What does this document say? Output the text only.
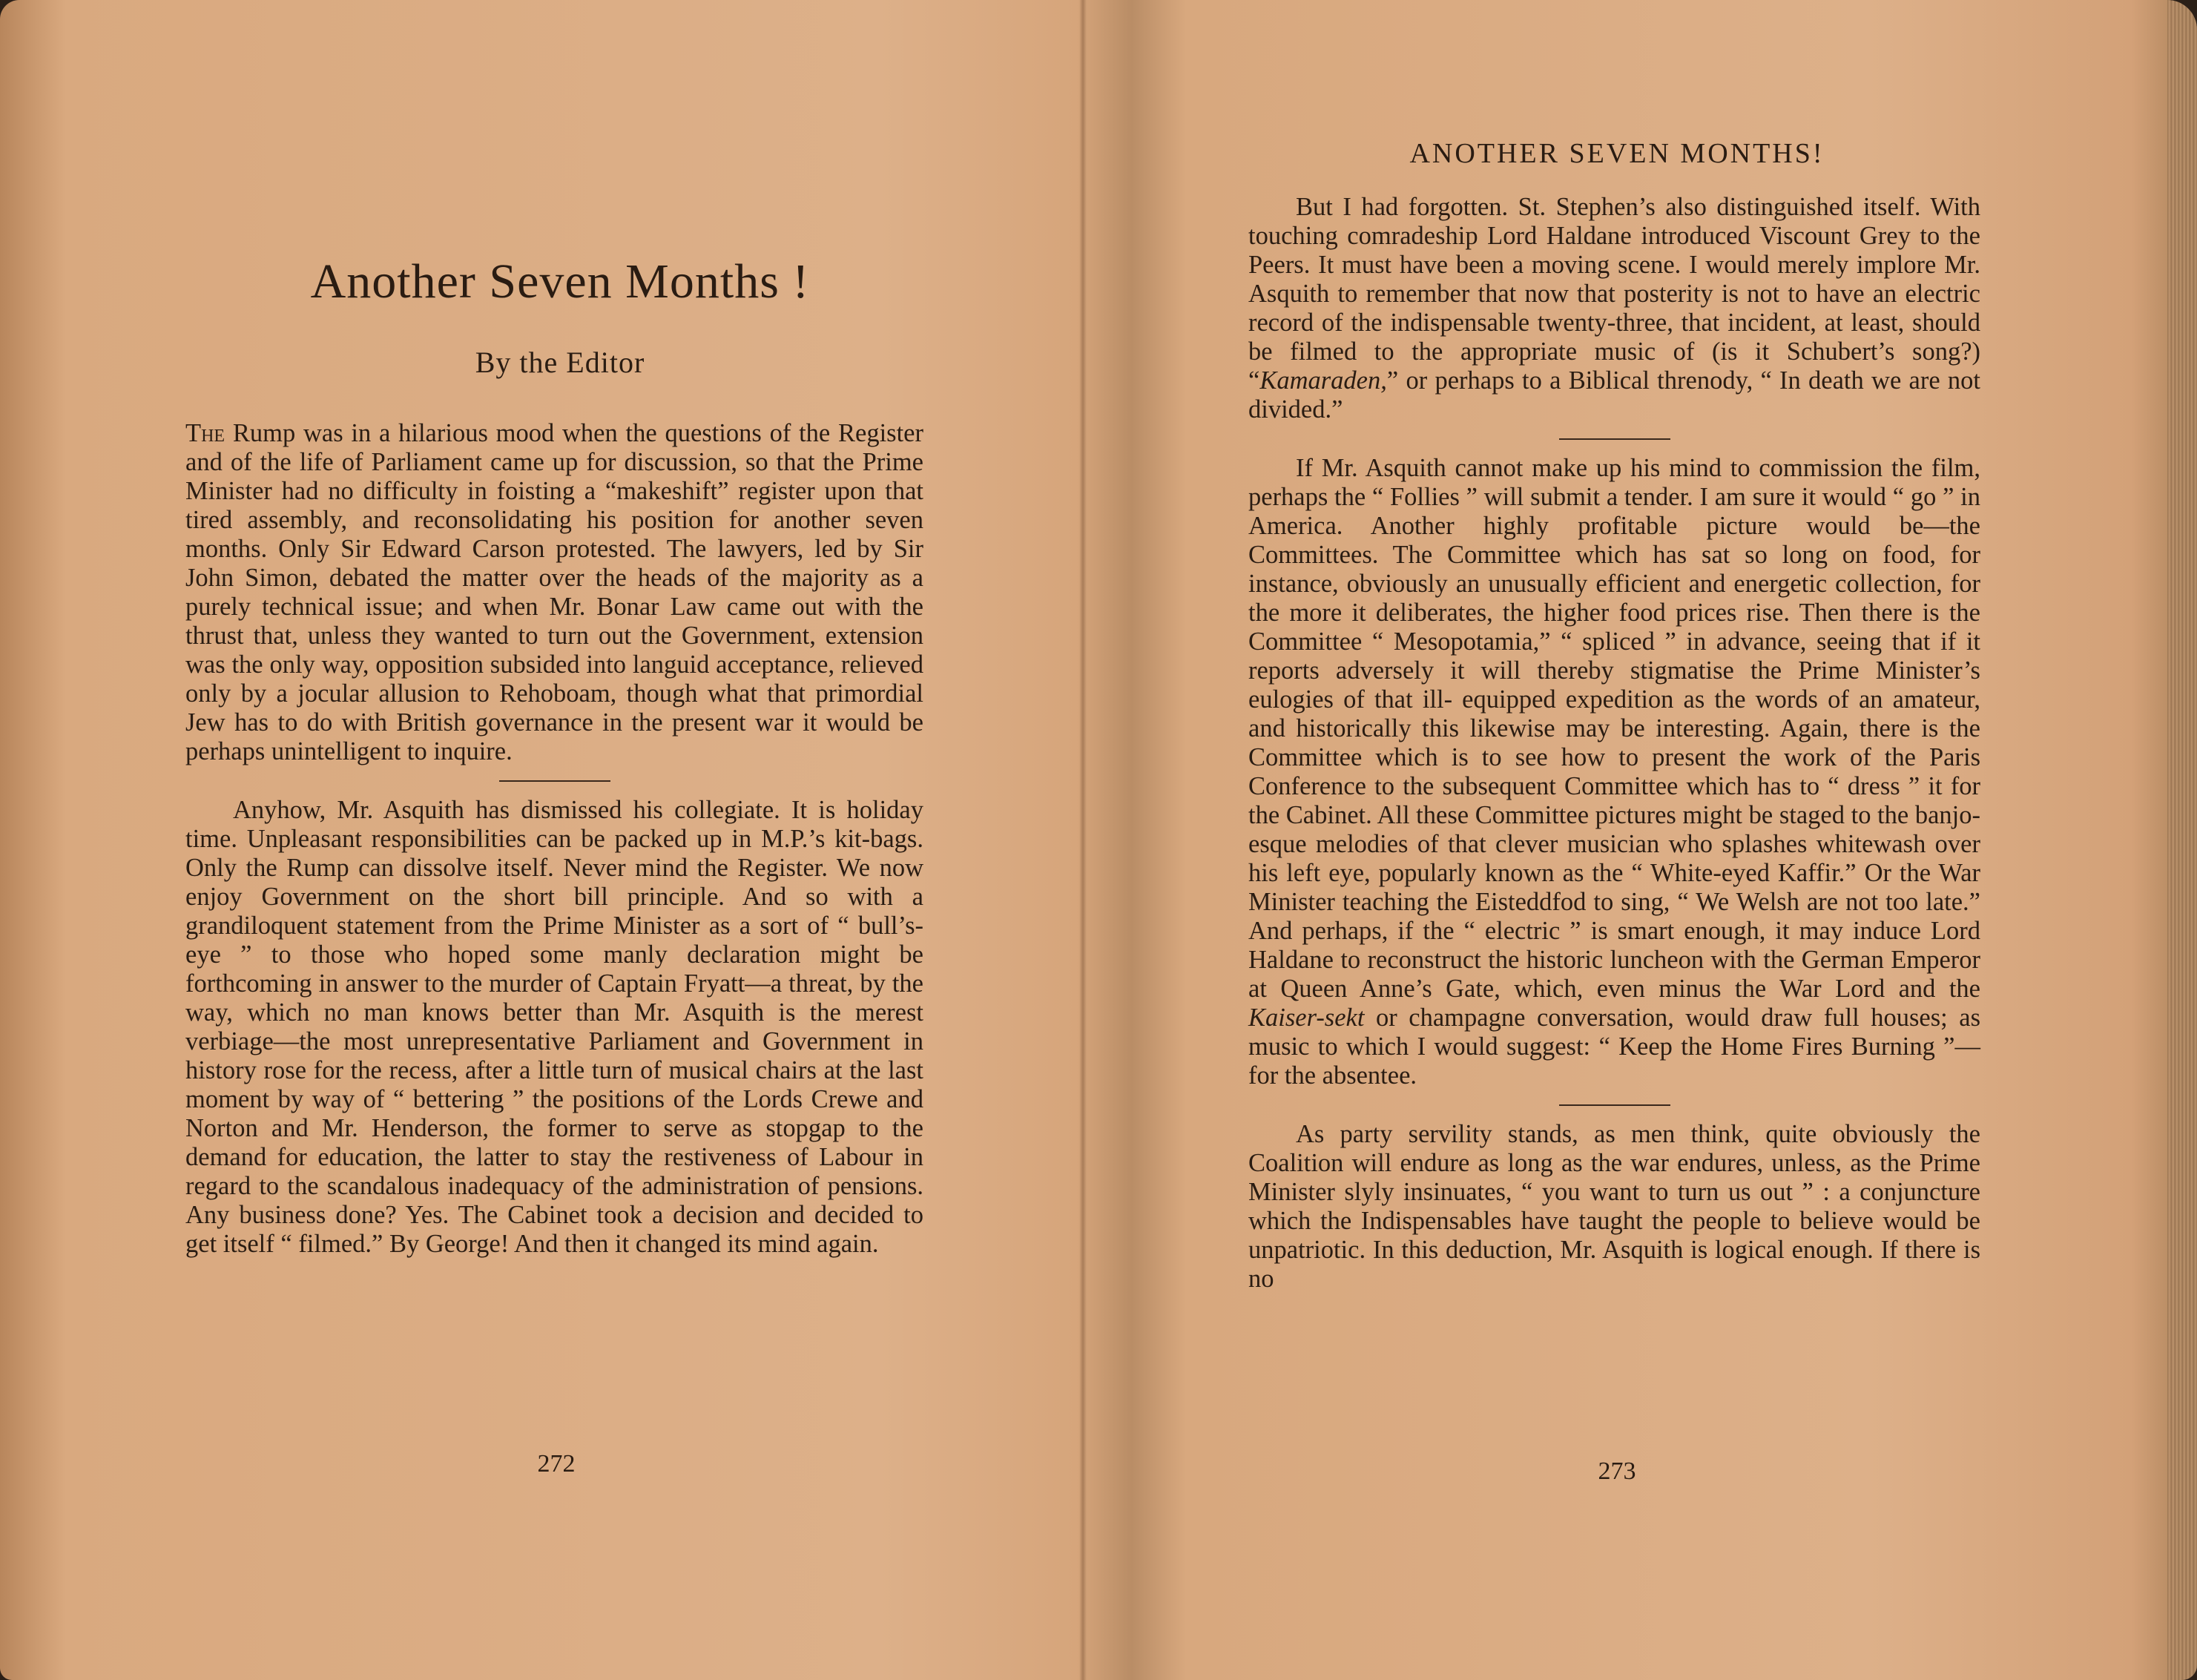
Another Seven Months !
By the Editor

The Rump was in a hilarious mood when the questions of the Register and of the life of Parliament came up for discussion, so that the Prime Minister had no difficulty in foisting a “makeshift” register upon that tired assembly, and reconsolidating his position for another seven months. Only Sir Edward Carson protested. The lawyers, led by Sir John Simon, debated the matter over the heads of the majority as a purely technical issue; and when Mr. Bonar Law came out with the thrust that, unless they wanted to turn out the Government, extension was the only way, opposition subsided into languid acceptance, relieved only by a jocular allusion to Rehoboam, though what that primordial Jew has to do with British governance in the present war it would be perhaps unintelligent to inquire.

Anyhow, Mr. Asquith has dismissed his collegiate. It is holiday time. Unpleasant responsibilities can be packed up in M.P.’s kit-bags. Only the Rump can dissolve itself. Never mind the Register. We now enjoy Government on the short bill principle. And so with a grandiloquent statement from the Prime Minister as a sort of “ bull’s-eye ” to those who hoped some manly declaration might be forthcoming in answer to the murder of Captain Fryatt—a threat, by the way, which no man knows better than Mr. Asquith is the merest verbiage—the most unrepresentative Parliament and Government in history rose for the recess, after a little turn of musical chairs at the last moment by way of “ bettering ” the positions of the Lords Crewe and Norton and Mr. Henderson, the former to serve as stopgap to the demand for education, the latter to stay the restiveness of Labour in regard to the scandalous inadequacy of the administration of pensions. Any business done? Yes. The Cabinet took a decision and decided to get itself “ filmed.” By George! And then it changed its mind again.

272
ANOTHER SEVEN MONTHS!

But I had forgotten. St. Stephen’s also distinguished itself. With touching comradeship Lord Haldane introduced Viscount Grey to the Peers. It must have been a moving scene. I would merely implore Mr. Asquith to remember that now that posterity is not to have an electric record of the indispensable twenty-three, that incident, at least, should be filmed to the appropriate music of (is it Schubert’s song?) “Kamaraden,” or perhaps to a Biblical threnody, “ In death we are not divided.”

If Mr. Asquith cannot make up his mind to commission the film, perhaps the “ Follies ” will submit a tender. I am sure it would “ go ” in America. Another highly profitable picture would be—the Committees. The Committee which has sat so long on food, for instance, obviously an unusually efficient and energetic collection, for the more it deliberates, the higher food prices rise. Then there is the Committee “ Mesopotamia,” “ spliced ” in advance, seeing that if it reports adversely it will thereby stigmatise the Prime Minister’s eulogies of that ill- equipped expedition as the words of an amateur, and historically this likewise may be interesting. Again, there is the Committee which is to see how to present the work of the Paris Conference to the subsequent Committee which has to “ dress ” it for the Cabinet. All these Committee pictures might be staged to the banjo-esque melodies of that clever musician who splashes whitewash over his left eye, popularly known as the “ White-eyed Kaffir.” Or the War Minister teaching the Eisteddfod to sing, “ We Welsh are not too late.” And perhaps, if the “ electric ” is smart enough, it may induce Lord Haldane to reconstruct the historic luncheon with the German Emperor at Queen Anne’s Gate, which, even minus the War Lord and the Kaiser-sekt or champagne conversation, would draw full houses; as music to which I would suggest: “ Keep the Home Fires Burning ”—for the absentee.

As party servility stands, as men think, quite obviously the Coalition will endure as long as the war endures, unless, as the Prime Minister slyly insinuates, “ you want to turn us out ” : a conjuncture which the Indispensables have taught the people to believe would be unpatriotic. In this deduction, Mr. Asquith is logical enough. If there is no

273
